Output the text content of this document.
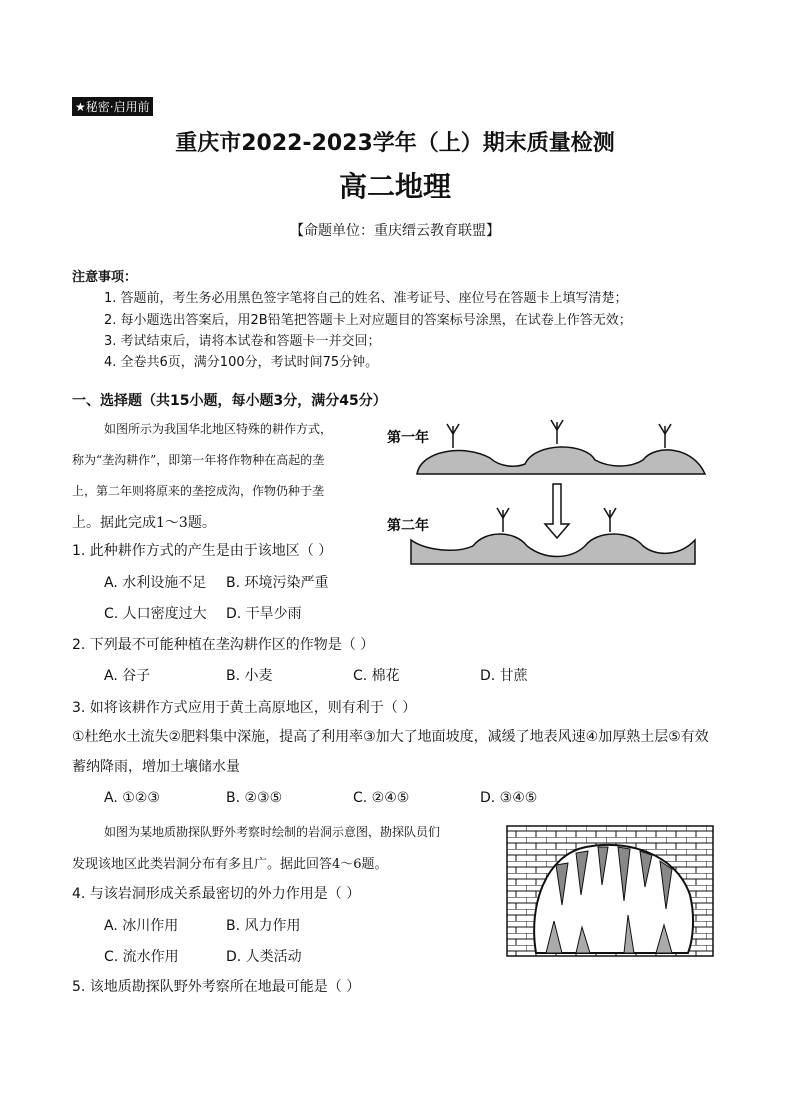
★秘密·启用前
重庆市2022-2023学年（上）期末质量检测
高二地理
【命题单位：重庆缙云教育联盟】
注意事项：
1. 答题前，考生务必用黑色签字笔将自己的姓名、准考证号、座位号在答题卡上填写清楚；
2. 每小题选出答案后，用2B铅笔把答题卡上对应题目的答案标号涂黑，在试卷上作答无效；
3. 考试结束后，请将本试卷和答题卡一并交回；
4. 全卷共6页，满分100分，考试时间75分钟。
一、选择题（共15小题，每小题3分，满分45分）
如图所示为我国华北地区特殊的耕作方式，
称为“垄沟耕作”，即第一年将作物种在高起的垄
上，第二年则将原来的垄挖成沟，作物仍种于垄
上。据此完成1～3题。
第一年
第二年
1. 此种耕作方式的产生是由于该地区（ ）
A. 水利设施不足 B. 环境污染严重
C. 人口密度过大 D. 干旱少雨
2. 下列最不可能种植在垄沟耕作区的作物是（ ）
A. 谷子	B. 小麦	C. 棉花	D. 甘蔗
3. 如将该耕作方式应用于黄土高原地区，则有利于（ ）
①杜绝水土流失②肥料集中深施，提高了利用率③加大了地面坡度，减缓了地表风速④加厚熟土层⑤有效蓄纳降雨，增加土壤储水量
A. ①②③	B. ②③⑤	C. ②④⑤	D. ③④⑤
如图为某地质勘探队野外考察时绘制的岩洞示意图，勘探队员们
发现该地区此类岩洞分布有多且广。据此回答4～6题。
4. 与该岩洞形成关系最密切的外力作用是（ ）
A. 冰川作用	B. 风力作用
C. 流水作用	D. 人类活动
5. 该地质勘探队野外考察所在地最可能是（ ）
